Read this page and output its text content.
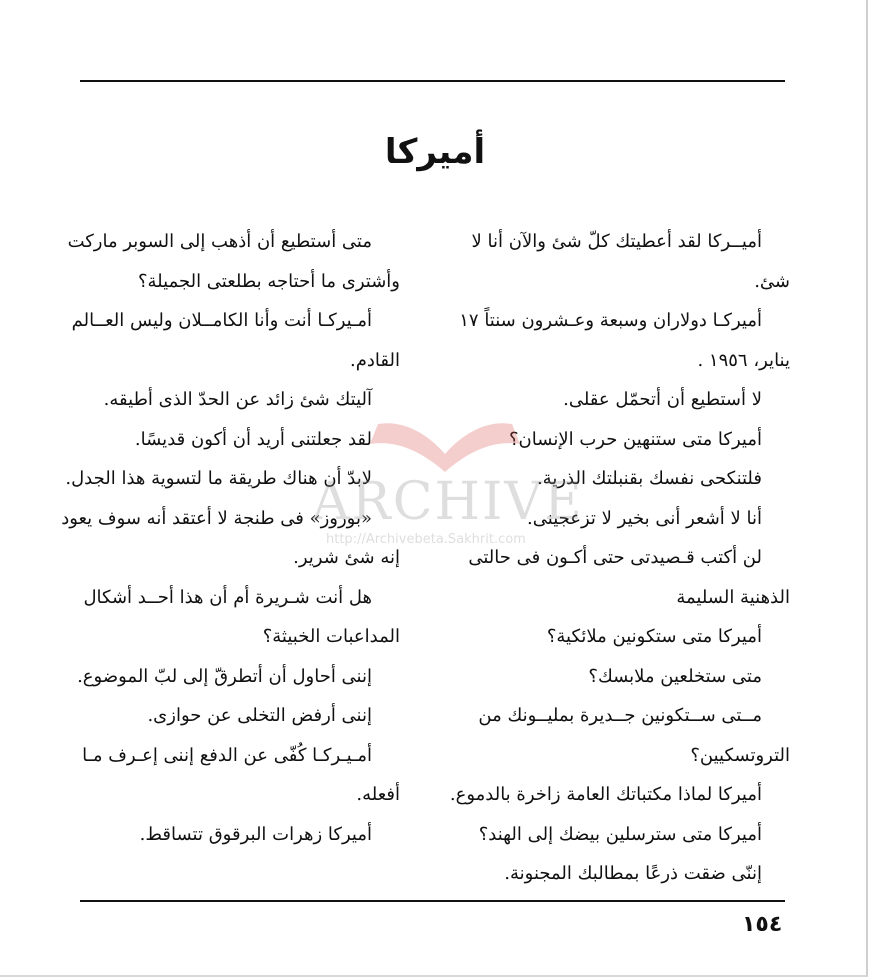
أميركا
أميــركا لقد أعطيتك كلّ شئ والآن أنا لا
شئ.
أميركـا دولاران وسبعة وعـشرون سنتاً ١٧
يناير، ١٩٥٦ .
لا أستطيع أن أتحمّل عقلى.
أميركا متى ستنهين حرب الإنسان؟
فلتنكحى نفسك بقنبلتك الذرية.
أنا لا أشعر أنى بخير لا تزعجينى.
لن أكتب قـصيدتى حتى أكـون فى حالتى
الذهنية السليمة
أميركا متى ستكونين ملائكية؟
متى ستخلعين ملابسك؟
مــتى ســتكونين جــديرة بمليــونك من
التروتسكيين؟
أميركا لماذا مكتباتك العامة زاخرة بالدموع.
أميركا متى سترسلين بيضك إلى الهند؟
إننّى ضقت ذرعًا بمطالبك المجنونة.
متى أستطيع أن أذهب إلى السوبر ماركت
وأشترى ما أحتاجه بطلعتى الجميلة؟
أمـيركـا أنت وأنا الكامــلان وليس العــالم
القادم.
آليتك شئ زائد عن الحدّ الذى أطيقه.
لقد جعلتنى أريد أن أكون قديسًا.
لابدّ أن هناك طريقة ما لتسوية هذا الجدل.
«بوروز» فى طنجة لا أعتقد أنه سوف يعود
إنه شئ شرير.
هل أنت شـريرة أم أن هذا أحــد أشكال
المداعبات الخبيثة؟
إننى أحاول أن أتطرقّ إلى لبّ الموضوع.
إننى أرفض التخلى عن حوازى.
أمـيـركـا كُفّى عن الدفع إننى إعـرف مـا
أفعله.
أميركا زهرات البرقوق تتساقط.
ARCHIVE
http://Archivebeta.Sakhrit.com
١٥٤
